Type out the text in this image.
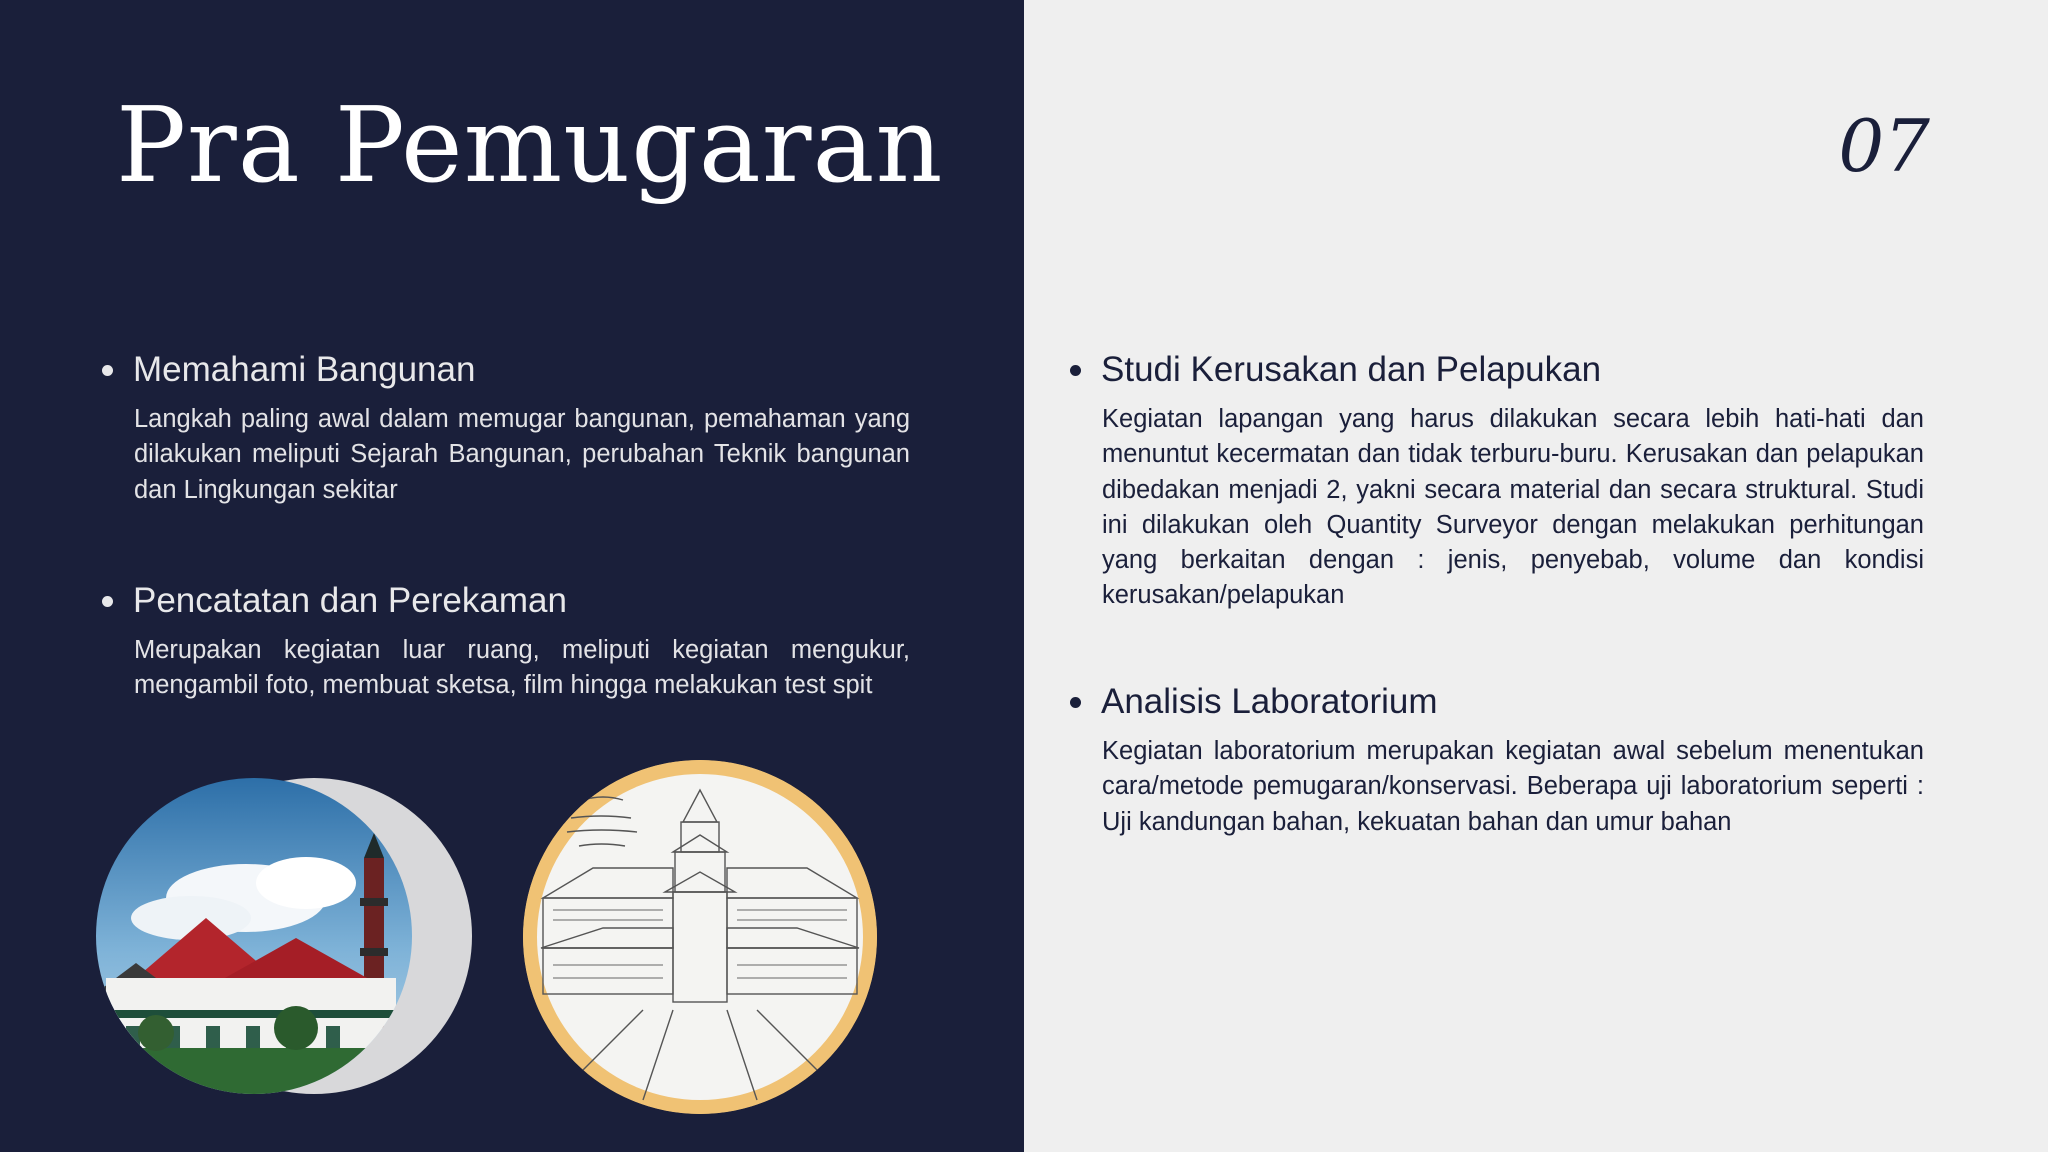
Pra Pemugaran
Memahami Bangunan
Langkah paling awal dalam memugar bangunan, pemahaman yang dilakukan meliputi Sejarah Bangunan, perubahan Teknik bangunan dan Lingkungan sekitar
Pencatatan dan Perekaman
Merupakan kegiatan luar ruang, meliputi kegiatan mengukur, mengambil foto, membuat sketsa, film hingga melakukan test spit
07
Studi Kerusakan dan Pelapukan
Kegiatan lapangan yang harus dilakukan secara lebih hati-hati dan menuntut kecermatan dan tidak terburu-buru. Kerusakan dan pelapukan dibedakan menjadi 2, yakni secara material dan secara struktural. Studi ini dilakukan oleh Quantity Surveyor dengan melakukan perhitungan yang berkaitan dengan : jenis, penyebab, volume dan kondisi kerusakan/pelapukan
Analisis Laboratorium
Kegiatan laboratorium merupakan kegiatan awal sebelum menentukan cara/metode pemugaran/konservasi. Beberapa uji laboratorium seperti : Uji kandungan bahan, kekuatan bahan dan umur bahan
